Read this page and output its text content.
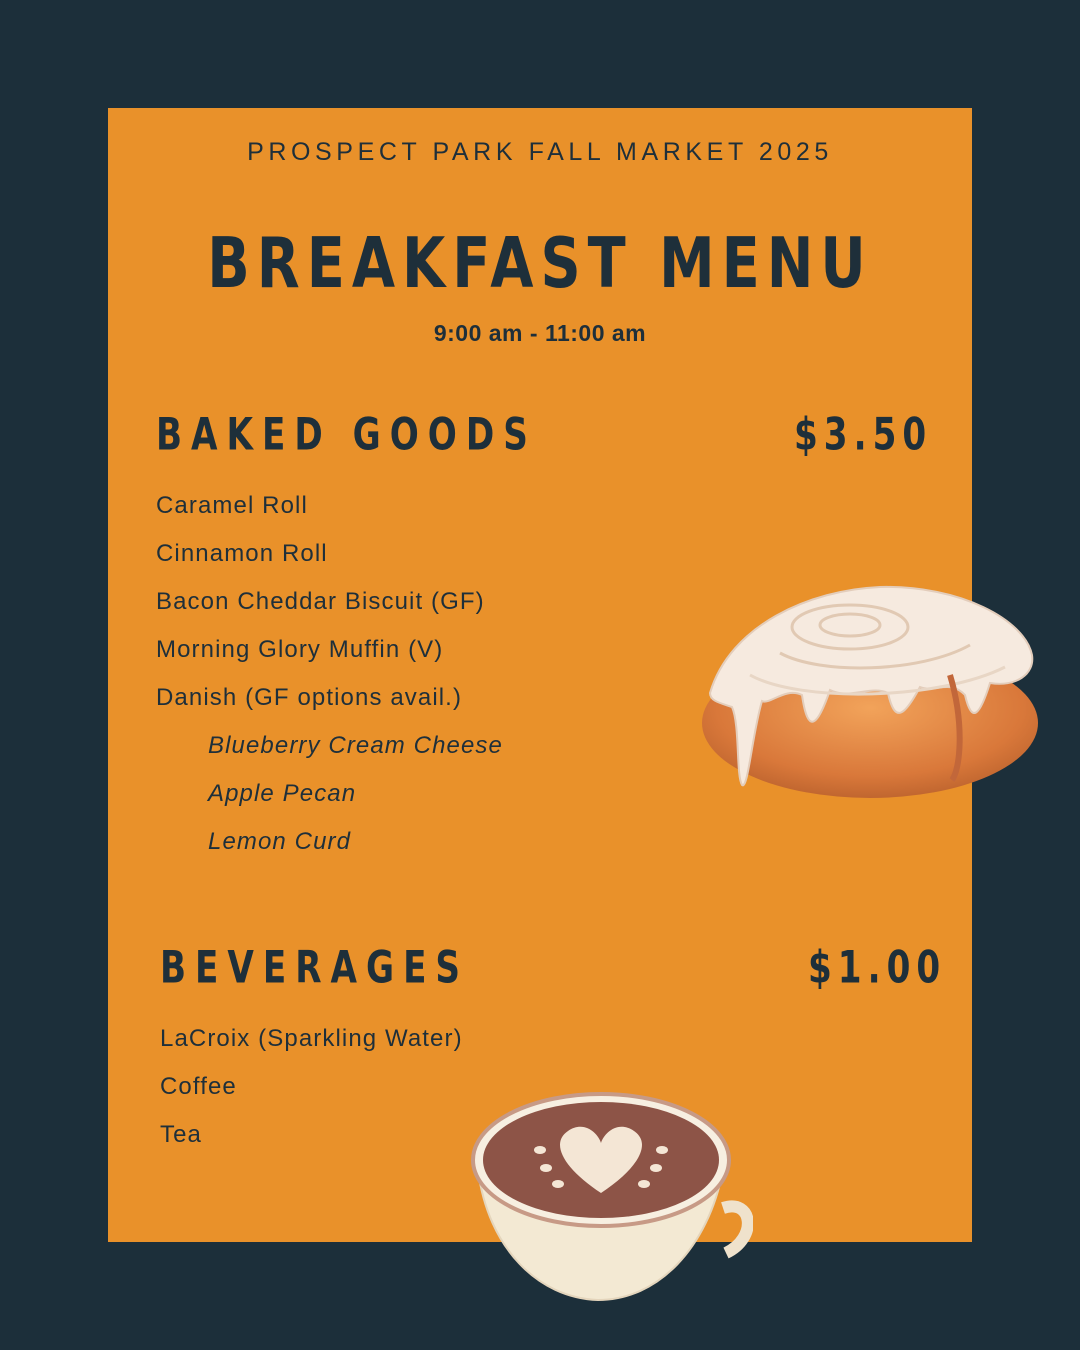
PROSPECT PARK FALL MARKET 2025
BREAKFAST MENU
9:00 am - 11:00 am
BAKED GOODS	$3.50
Caramel Roll
Cinnamon Roll
Bacon Cheddar Biscuit (GF)
Morning Glory Muffin (V)
Danish (GF options avail.)
Blueberry Cream Cheese
Apple Pecan
Lemon Curd
BEVERAGES	$1.00
LaCroix (Sparkling Water)
Coffee
Tea
